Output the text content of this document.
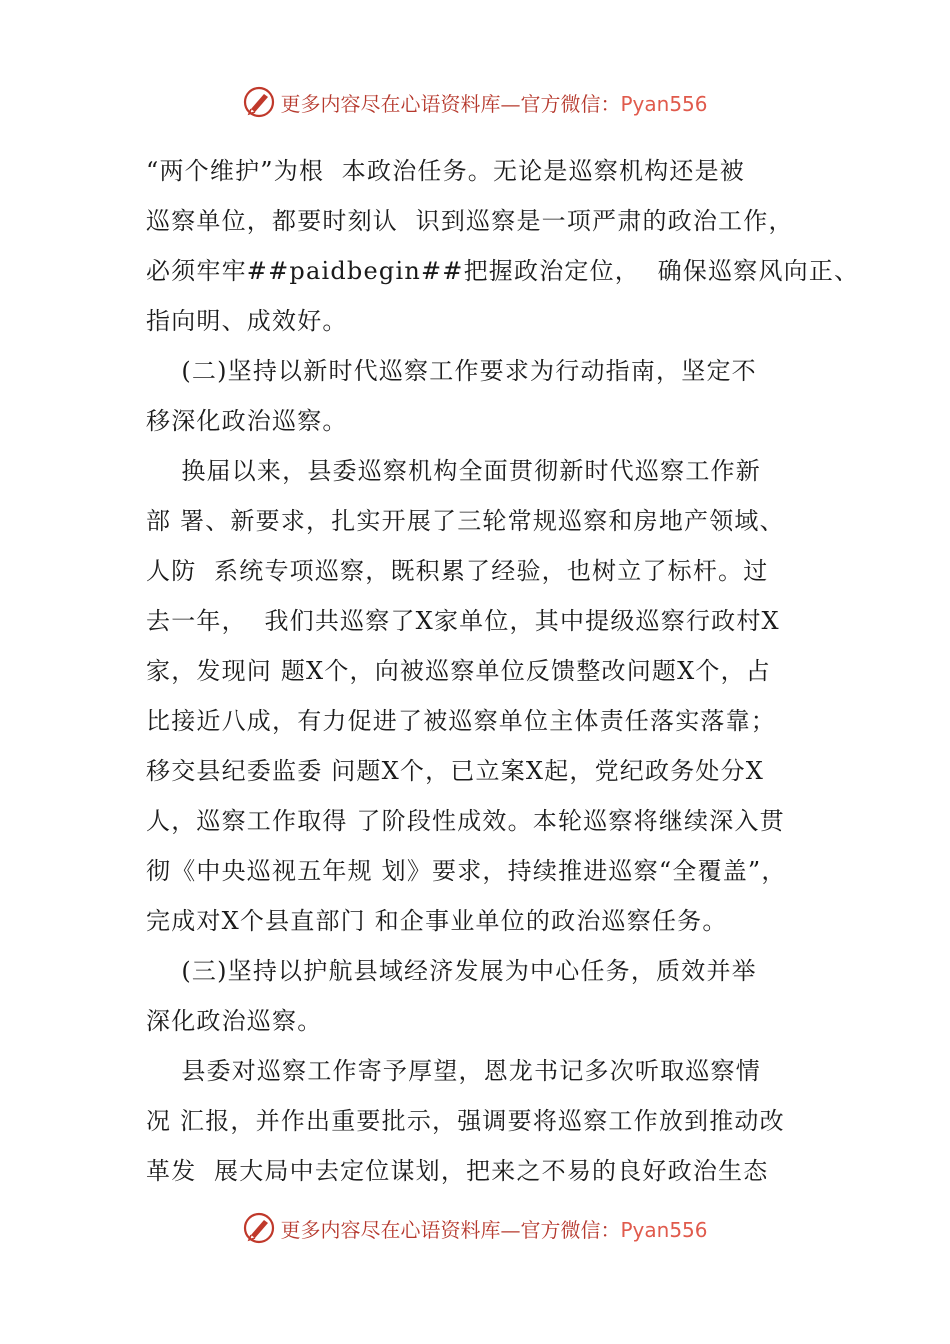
更多内容尽在心语资料库—官方微信：Pyan556
“两个维护”为根  本政治任务。无论是巡察机构还是被
巡察单位，都要时刻认  识到巡察是一项严肃的政治工作，
必须牢牢##paidbegin##把握政治定位，  确保巡察风向正、
指向明、成效好。
(二)坚持以新时代巡察工作要求为行动指南，坚定不
移深化政治巡察。
换届以来，县委巡察机构全面贯彻新时代巡察工作新
部 署、新要求，扎实开展了三轮常规巡察和房地产领域、
人防  系统专项巡察，既积累了经验，也树立了标杆。过
去一年，  我们共巡察了X家单位，其中提级巡察行政村X
家，发现问 题X个，向被巡察单位反馈整改问题X个，占
比接近八成，有力促进了被巡察单位主体责任落实落靠；
移交县纪委监委 问题X个，已立案X起，党纪政务处分X
人，巡察工作取得 了阶段性成效。本轮巡察将继续深入贯
彻《中央巡视五年规 划》要求，持续推进巡察“全覆盖”，
完成对X个县直部门 和企事业单位的政治巡察任务。
(三)坚持以护航县域经济发展为中心任务，质效并举
深化政治巡察。
县委对巡察工作寄予厚望，恩龙书记多次听取巡察情
况 汇报，并作出重要批示，强调要将巡察工作放到推动改
革发  展大局中去定位谋划，把来之不易的良好政治生态
更多内容尽在心语资料库—官方微信：Pyan556
